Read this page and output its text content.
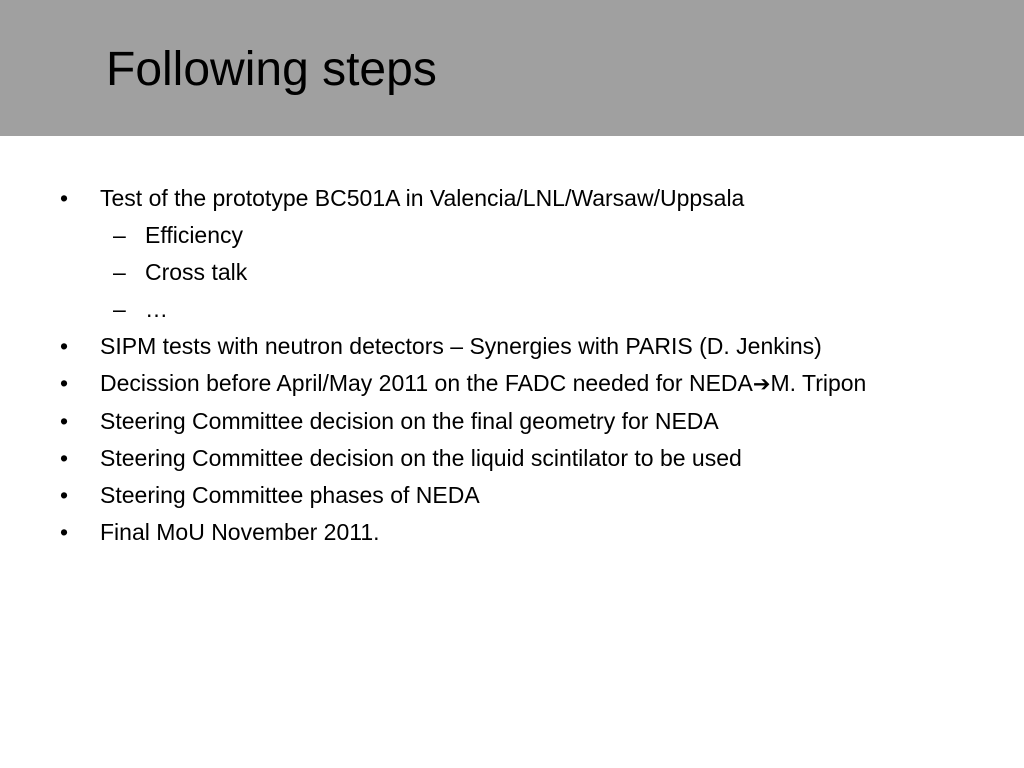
Following steps
• Test of the prototype BC501A in Valencia/LNL/Warsaw/Uppsala
– Efficiency
– Cross talk
– …
• SIPM tests with neutron detectors – Synergies with PARIS (D. Jenkins)
• Decission before April/May 2011 on the FADC needed for NEDA➔M. Tripon
• Steering Committee decision on the final geometry for NEDA
• Steering Committee decision on the liquid scintilator to be used
• Steering Committee phases of NEDA
• Final MoU November 2011.
